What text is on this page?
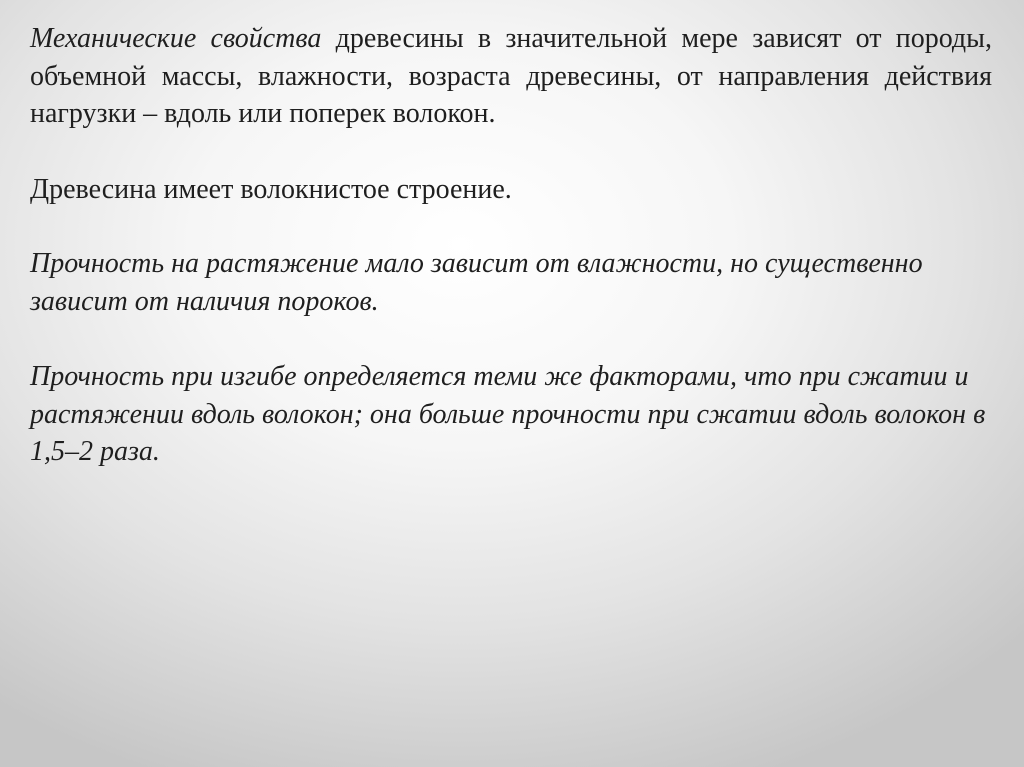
Механические свойства древесины в значительной мере зависят от породы, объемной массы, влажности, возраста древесины, от направления действия нагрузки – вдоль или поперек волокон.

Древесина имеет волокнистое строение.

Прочность на растяжение мало зависит от влажности, но существенно зависит от наличия пороков.

Прочность при изгибе определяется теми же факторами, что при сжатии и растяжении вдоль волокон; она больше прочности при сжатии вдоль волокон в 1,5–2 раза.
